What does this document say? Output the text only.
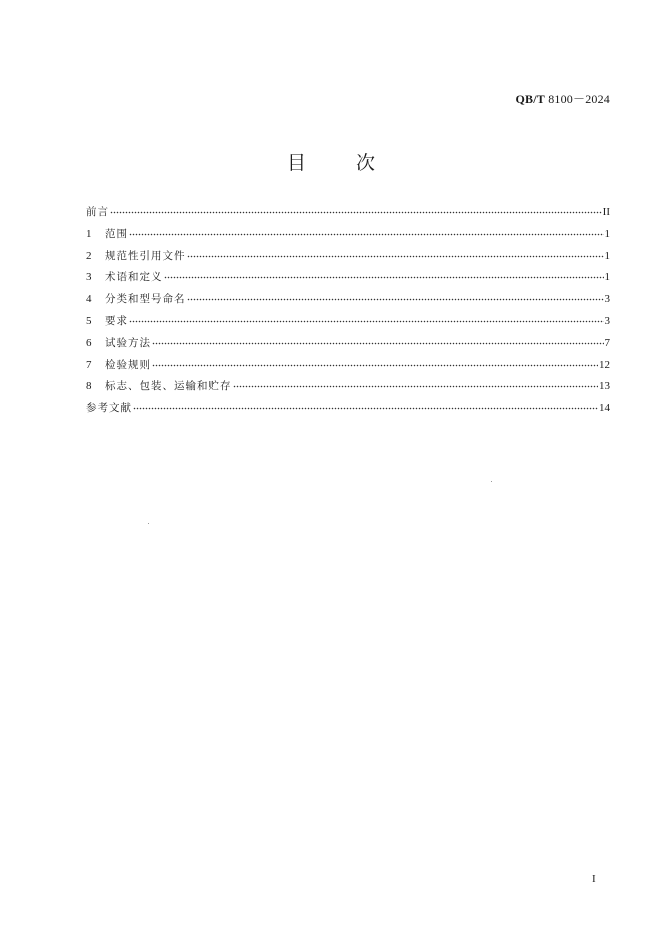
QB/T 8100－2024
目 次
前言	II
1	范围	1
2	规范性引用文件	1
3	术语和定义	1
4	分类和型号命名	3
5	要求	3
6	试验方法	7
7	检验规则	12
8	标志、包装、运输和贮存	13
参考文献	14
I
